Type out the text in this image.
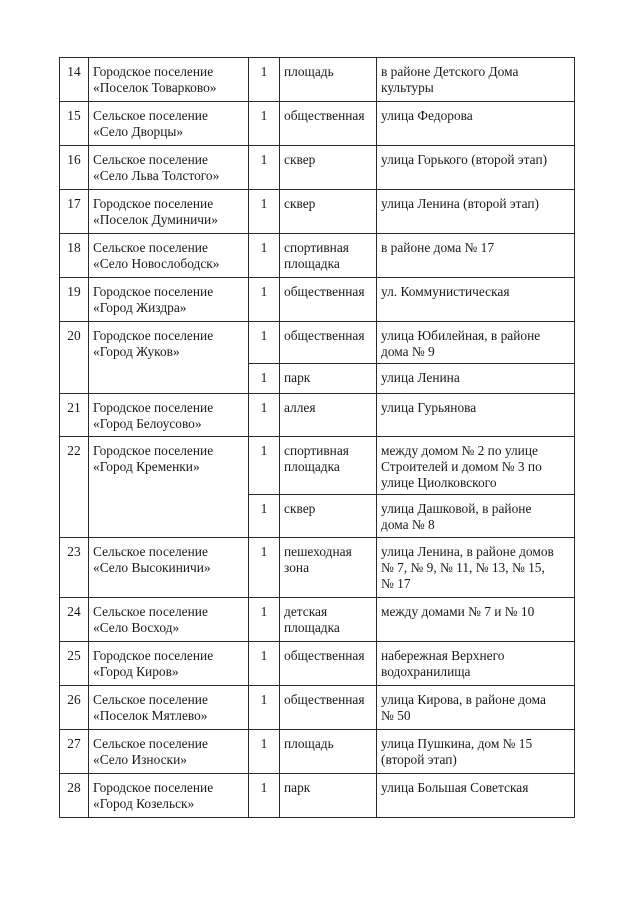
14	Городское поселение
«Поселок Товарково»	1	площадь	в районе Детского Дома
культуры

15	Сельское поселение
«Село Дворцы»	1	общественная	улица Федорова

16	Сельское поселение
«Село Льва Толстого»	1	сквер	улица Горького (второй этап)

17	Городское поселение
«Поселок Думиничи»	1	сквер	улица Ленина (второй этап)

18	Сельское поселение
«Село Новослободск»	1	спортивная
площадка	в районе дома № 17

19	Городское поселение
«Город Жиздра»	1	общественная	ул. Коммунистическая

20	Городское поселение
«Город Жуков»	1	общественная	улица Юбилейная, в районе
дома № 9

		1	парк	улица Ленина

21	Городское поселение
«Город Белоусово»	1	аллея	улица Гурьянова

22	Городское поселение
«Город Кременки»	1	спортивная
площадка	между домом № 2 по улице
Строителей и домом № 3 по
улице Циолковского

		1	сквер	улица Дашковой, в районе
дома № 8

23	Сельское поселение
«Село Высокиничи»	1	пешеходная
зона	улица Ленина, в районе домов
№ 7, № 9, № 11, № 13, № 15,
№ 17

24	Сельское поселение
«Село Восход»	1	детская
площадка	между домами № 7 и № 10

25	Городское поселение
«Город Киров»	1	общественная	набережная Верхнего
водохранилища

26	Сельское поселение
«Поселок Мятлево»	1	общественная	улица Кирова, в районе дома
№ 50

27	Сельское поселение
«Село Износки»	1	площадь	улица Пушкина, дом № 15
(второй этап)

28	Городское поселение
«Город Козельск»	1	парк	улица Большая Советская
